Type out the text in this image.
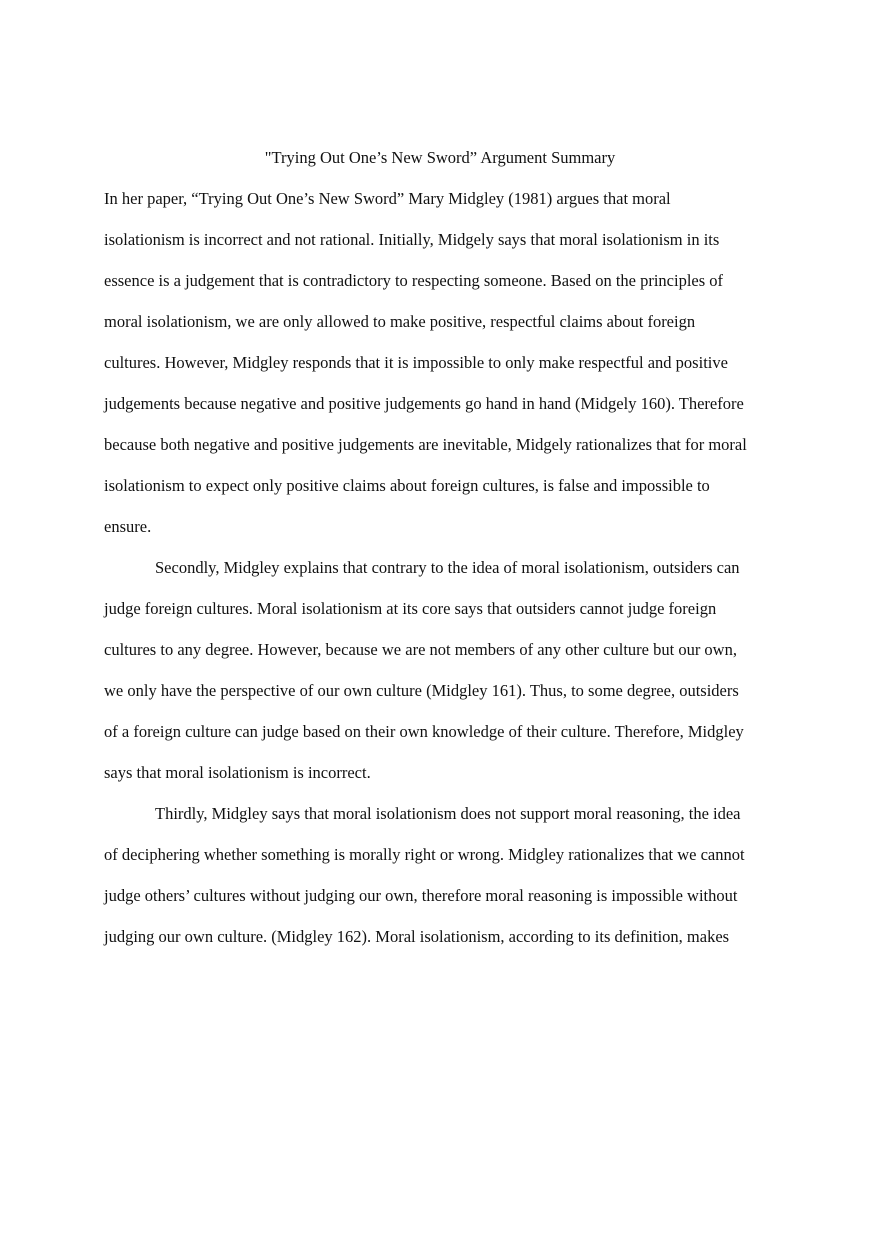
"Trying Out One’s New Sword” Argument Summary

In her paper, “Trying Out One’s New Sword” Mary Midgley (1981) argues that moral

isolationism is incorrect and not rational. Initially, Midgely says that moral isolationism in its

essence is a judgement that is contradictory to respecting someone. Based on the principles of

moral isolationism, we are only allowed to make positive, respectful claims about foreign

cultures. However, Midgley responds that it is impossible to only make respectful and positive

judgements because negative and positive judgements go hand in hand (Midgely 160). Therefore

because both negative and positive judgements are inevitable, Midgely rationalizes that for moral

isolationism to expect only positive claims about foreign cultures, is false and impossible to

ensure.

Secondly, Midgley explains that contrary to the idea of moral isolationism, outsiders can

judge foreign cultures. Moral isolationism at its core says that outsiders cannot judge foreign

cultures to any degree. However, because we are not members of any other culture but our own,

we only have the perspective of our own culture (Midgley 161). Thus, to some degree, outsiders

of a foreign culture can judge based on their own knowledge of their culture. Therefore, Midgley

says that moral isolationism is incorrect.

Thirdly, Midgley says that moral isolationism does not support moral reasoning, the idea

of deciphering whether something is morally right or wrong. Midgley rationalizes that we cannot

judge others’ cultures without judging our own, therefore moral reasoning is impossible without

judging our own culture. (Midgley 162). Moral isolationism, according to its definition, makes
